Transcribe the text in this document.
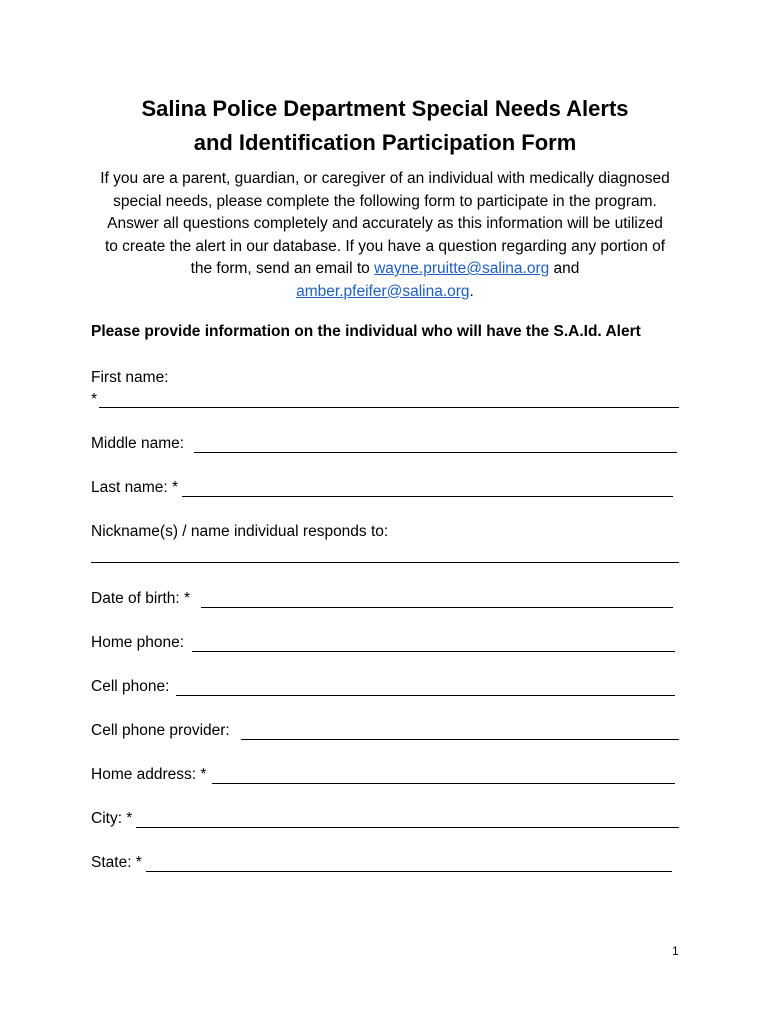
Salina Police Department Special Needs Alerts
and Identification Participation Form
If you are a parent, guardian, or caregiver of an individual with medically diagnosed special needs, please complete the following form to participate in the program. Answer all questions completely and accurately as this information will be utilized to create the alert in our database. If you have a question regarding any portion of the form, send an email to wayne.pruitte@salina.org and amber.pfeifer@salina.org.
Please provide information on the individual who will have the S.A.Id. Alert
First name:
*
Middle name:
Last name: *
Nickname(s) / name individual responds to:
Date of birth: *
Home phone:
Cell phone:
Cell phone provider:
Home address: *
City: *
State: *
1
